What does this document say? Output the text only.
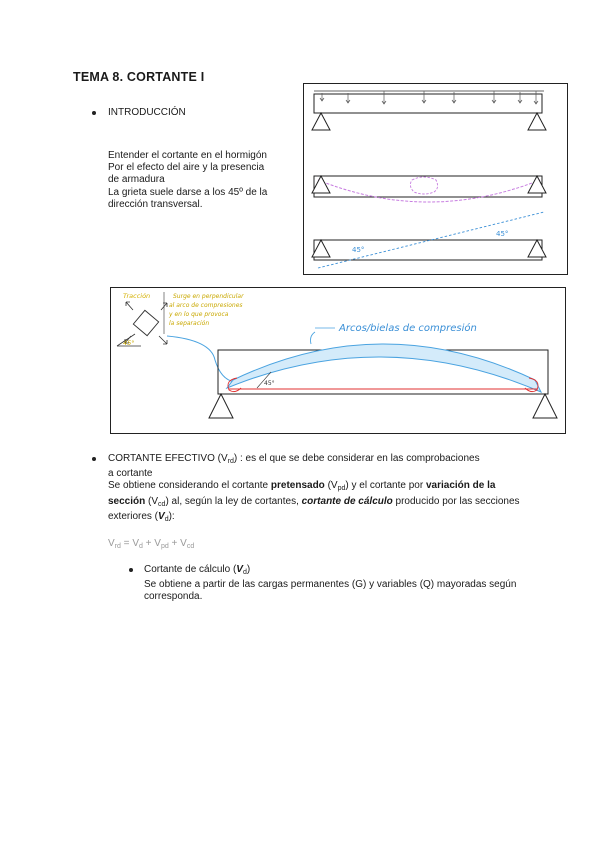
TEMA 8. CORTANTE I
INTRODUCCIÓN
Entender el cortante en el hormigón
Por el efecto del aire y la presencia
de armadura
La grieta suele darse a los 45º de la
dirección transversal.
45°
45°
45°
Tracción	Surge en perpendicular
al arco de compresiones
y en lo que provoca
la separación
45°
Arcos/bielas de compresión

CORTANTE EFECTIVO $(V_{rd})$ : es el que se debe considerar en las comprobaciones

a cortante

Se obtiene considerando el cortante pretensado $(V_{pd})$ y el cortante por variación de la sección $(V_{cd})$ al, según la ley de cortantes, cortante de cálculo producido por las secciones exteriores $(V_d)$:

$V_{rd} = V_d + V_{pd} + V_{cd}$

Cortante de cálculo $(V_d)$

Se obtiene a partir de las cargas permanentes (G) y variables (Q) mayoradas según corresponda.
